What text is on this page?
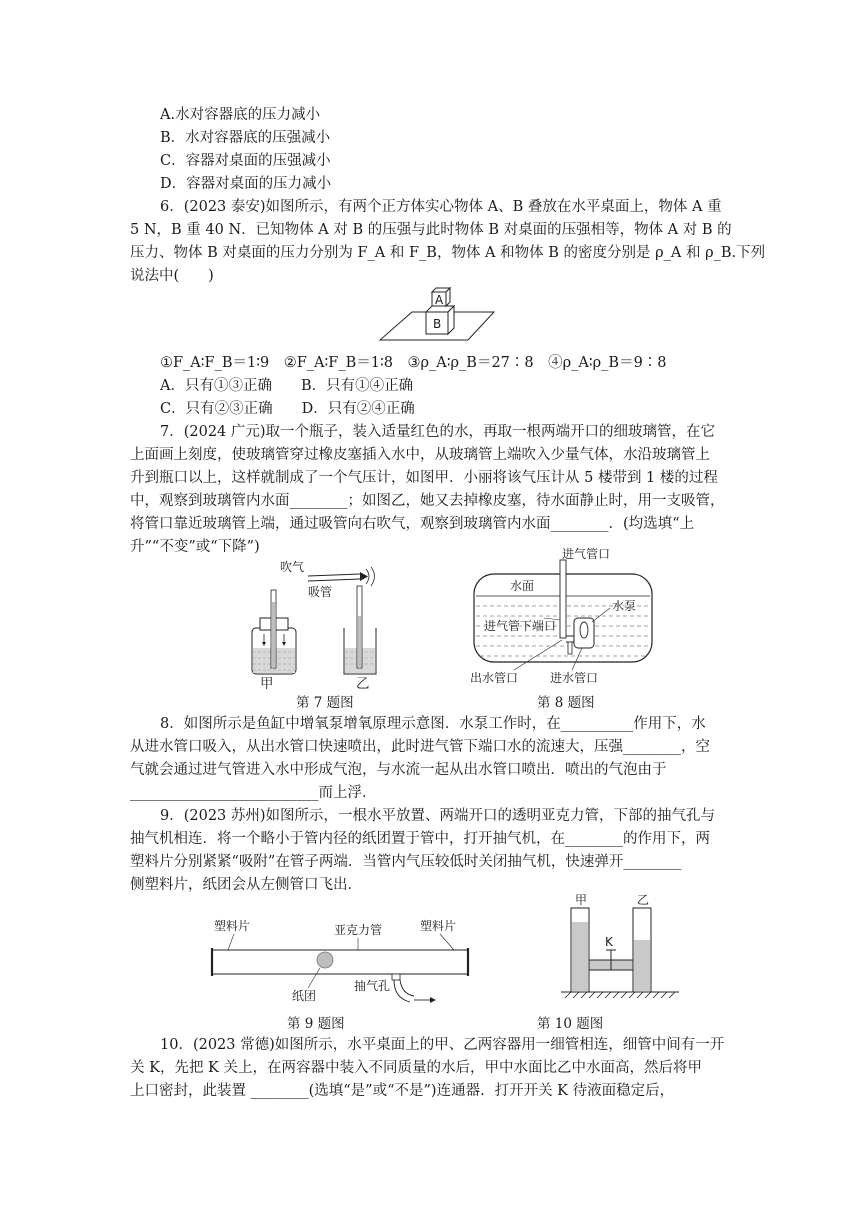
A.水对容器底的压力减小
B．水对容器底的压强减小
C．容器对桌面的压强减小
D．容器对桌面的压力减小
6．(2023 泰安)如图所示，有两个正方体实心物体 A、B 叠放在水平桌面上，物体 A 重
5 N，B 重 40 N．已知物体 A 对 B 的压强与此时物体 B 对桌面的压强相等，物体 A 对 B 的
压力、物体 B 对桌面的压力分别为 F_A 和 F_B，物体 A 和物体 B 的密度分别是 ρ_A 和 ρ_B.下列
说法中(　　)
A
B
①F_A∶F_B＝1∶9　②F_A∶F_B＝1∶8　③ρ_A∶ρ_B＝27∶8　④ρ_A∶ρ_B＝9∶8
A．只有①③正确　　B．只有①④正确
C．只有②③正确　　D．只有②④正确
7．(2024 广元)取一个瓶子，装入适量红色的水，再取一根两端开口的细玻璃管，在它
上面画上刻度，使玻璃管穿过橡皮塞插入水中，从玻璃管上端吹入少量气体，水沿玻璃管上
升到瓶口以上，这样就制成了一个气压计，如图甲．小丽将该气压计从 5 楼带到 1 楼的过程
中，观察到玻璃管内水面________；如图乙，她又去掉橡皮塞，待水面静止时，用一支吸管，
将管口靠近玻璃管上端，通过吸管向右吹气，观察到玻璃管内水面________．(均选填“上
升”“不变”或“下降”)
吹气
吸管
甲	乙
第 7 题图
进气管口
水面
水泵
进气管下端口
出水管口	进水管口
第 8 题图
8．如图所示是鱼缸中增氧泵增氧原理示意图．水泵工作时，在__________作用下，水
从进水管口吸入，从出水管口快速喷出，此时进气管下端口水的流速大，压强________，空
气就会通过进气管进入水中形成气泡，与水流一起从出水管口喷出．喷出的气泡由于
__________________________而上浮．
9．(2023 苏州)如图所示，一根水平放置、两端开口的透明亚克力管，下部的抽气孔与
抽气机相连．将一个略小于管内径的纸团置于管中，打开抽气机，在________的作用下，两
塑料片分别紧紧“吸附”在管子两端．当管内气压较低时关闭抽气机，快速弹开________
侧塑料片，纸团会从左侧管口飞出．
塑料片	亚克力管	塑料片
纸团
抽气孔
第 9 题图
K
甲	乙
第 10 题图
10．(2023 常德)如图所示，水平桌面上的甲、乙两容器用一细管相连，细管中间有一开
关 K，先把 K 关上，在两容器中装入不同质量的水后，甲中水面比乙中水面高，然后将甲
上口密封，此装置 ________(选填“是”或“不是”)连通器．打开开关 K 待液面稳定后，
